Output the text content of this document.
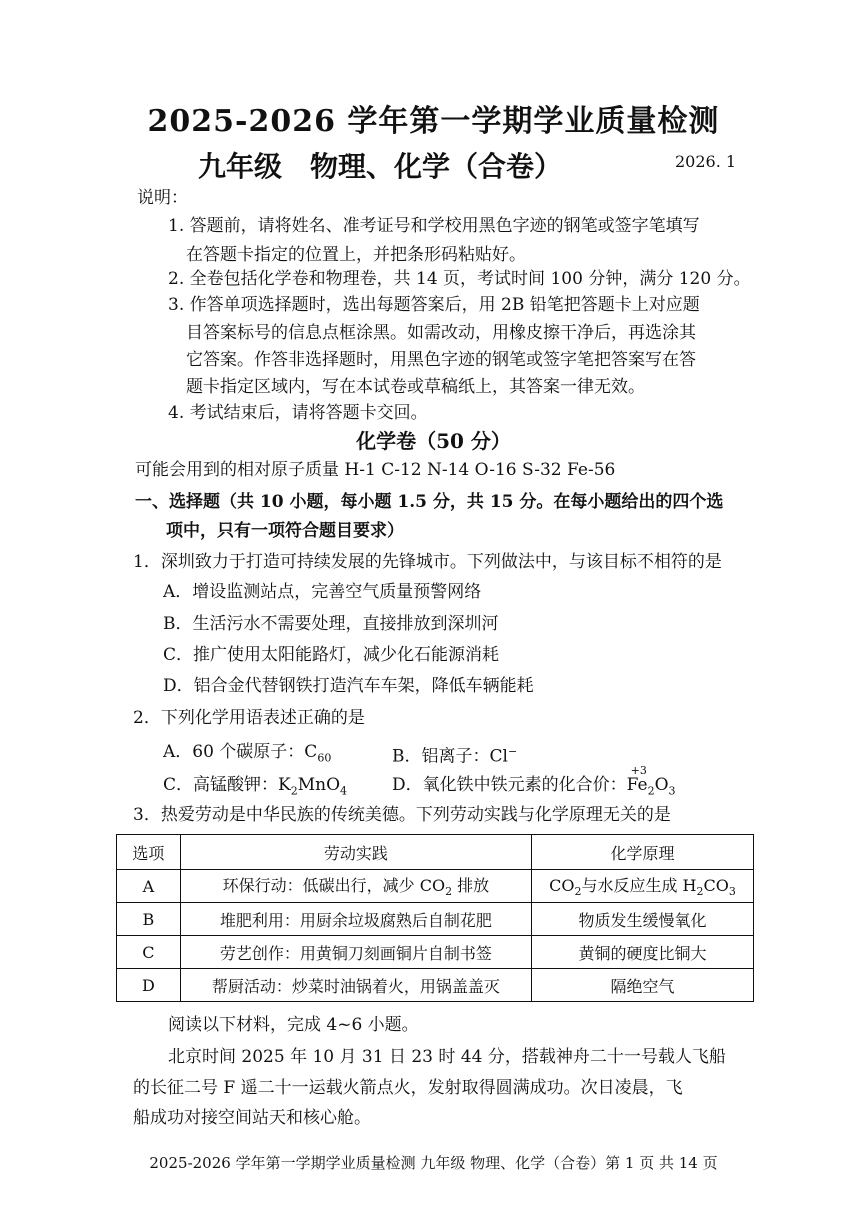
2025-2026 学年第一学期学业质量检测
九年级　物理、化学（合卷）	2026. 1
说明：
1. 答题前，请将姓名、准考证号和学校用黑色字迹的钢笔或签字笔填写
在答题卡指定的位置上，并把条形码粘贴好。
2. 全卷包括化学卷和物理卷，共 14 页，考试时间 100 分钟，满分 120 分。
3. 作答单项选择题时，选出每题答案后，用 2B 铅笔把答题卡上对应题
目答案标号的信息点框涂黑。如需改动，用橡皮擦干净后，再选涂其
它答案。作答非选择题时，用黑色字迹的钢笔或签字笔把答案写在答
题卡指定区域内，写在本试卷或草稿纸上，其答案一律无效。
4. 考试结束后，请将答题卡交回。
化学卷（50 分）
可能会用到的相对原子质量 H-1 C-12 N-14 O-16 S-32 Fe-56
一、选择题（共 10 小题，每小题 1.5 分，共 15 分。在每小题给出的四个选
项中，只有一项符合题目要求）
1．深圳致力于打造可持续发展的先锋城市。下列做法中，与该目标不相符的是
A．增设监测站点，完善空气质量预警网络
B．生活污水不需要处理，直接排放到深圳河
C．推广使用太阳能路灯，减少化石能源消耗
D．铝合金代替钢铁打造汽车车架，降低车辆能耗
2．下列化学用语表述正确的是
A．60 个碳原子：$C_{60}$	B．铝离子：Cl−
C．高锰酸钾：$K_2MnO_4$	D．氧化铁中铁元素的化合价：
+3
$Fe_2O_3$
3．热爱劳动是中华民族的传统美德。下列劳动实践与化学原理无关的是
选项	劳动实践	化学原理
A	环保行动：低碳出行，减少 $CO_2$ 排放	$CO_2$与水反应生成 $H_2CO_3$
B	堆肥利用：用厨余垃圾腐熟后自制花肥	物质发生缓慢氧化
C	劳艺创作：用黄铜刀刻画铜片自制书签	黄铜的硬度比铜大
D	帮厨活动：炒菜时油锅着火，用锅盖盖灭	隔绝空气
阅读以下材料，完成 4~6 小题。
北京时间 2025 年 10 月 31 日 23 时 44 分，搭载神舟二十一号载人飞船
的长征二号 F 遥二十一运载火箭点火，发射取得圆满成功。次日凌晨，飞
船成功对接空间站天和核心舱。
2025-2026 学年第一学期学业质量检测 九年级 物理、化学（合卷）第 1 页 共 14 页
